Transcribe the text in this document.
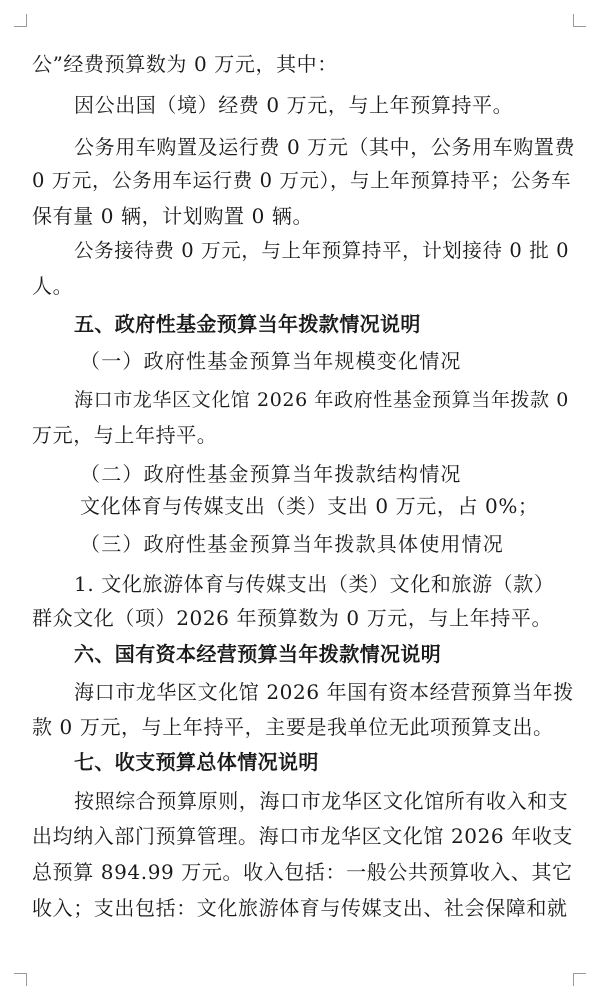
公”经费预算数为 0 万元，其中：
因公出国（境）经费 0 万元，与上年预算持平。
公务用车购置及运行费 0 万元（其中，公务用车购置费
0 万元，公务用车运行费 0 万元），与上年预算持平；公务车
保有量 0 辆，计划购置 0 辆。
公务接待费 0 万元，与上年预算持平，计划接待 0 批 0
人。
五、政府性基金预算当年拨款情况说明
（一）政府性基金预算当年规模变化情况
海口市龙华区文化馆 2026 年政府性基金预算当年拨款 0
万元，与上年持平。
（二）政府性基金预算当年拨款结构情况
文化体育与传媒支出（类）支出 0 万元，占 0%；
（三）政府性基金预算当年拨款具体使用情况
1. 文化旅游体育与传媒支出（类）文化和旅游（款）
群众文化（项）2026 年预算数为 0 万元，与上年持平。
六、国有资本经营预算当年拨款情况说明
海口市龙华区文化馆 2026 年国有资本经营预算当年拨
款 0 万元，与上年持平，主要是我单位无此项预算支出。
七、收支预算总体情况说明
按照综合预算原则，海口市龙华区文化馆所有收入和支
出均纳入部门预算管理。海口市龙华区文化馆 2026 年收支
总预算 894.99 万元。收入包括：一般公共预算收入、其它
收入；支出包括：文化旅游体育与传媒支出、社会保障和就
